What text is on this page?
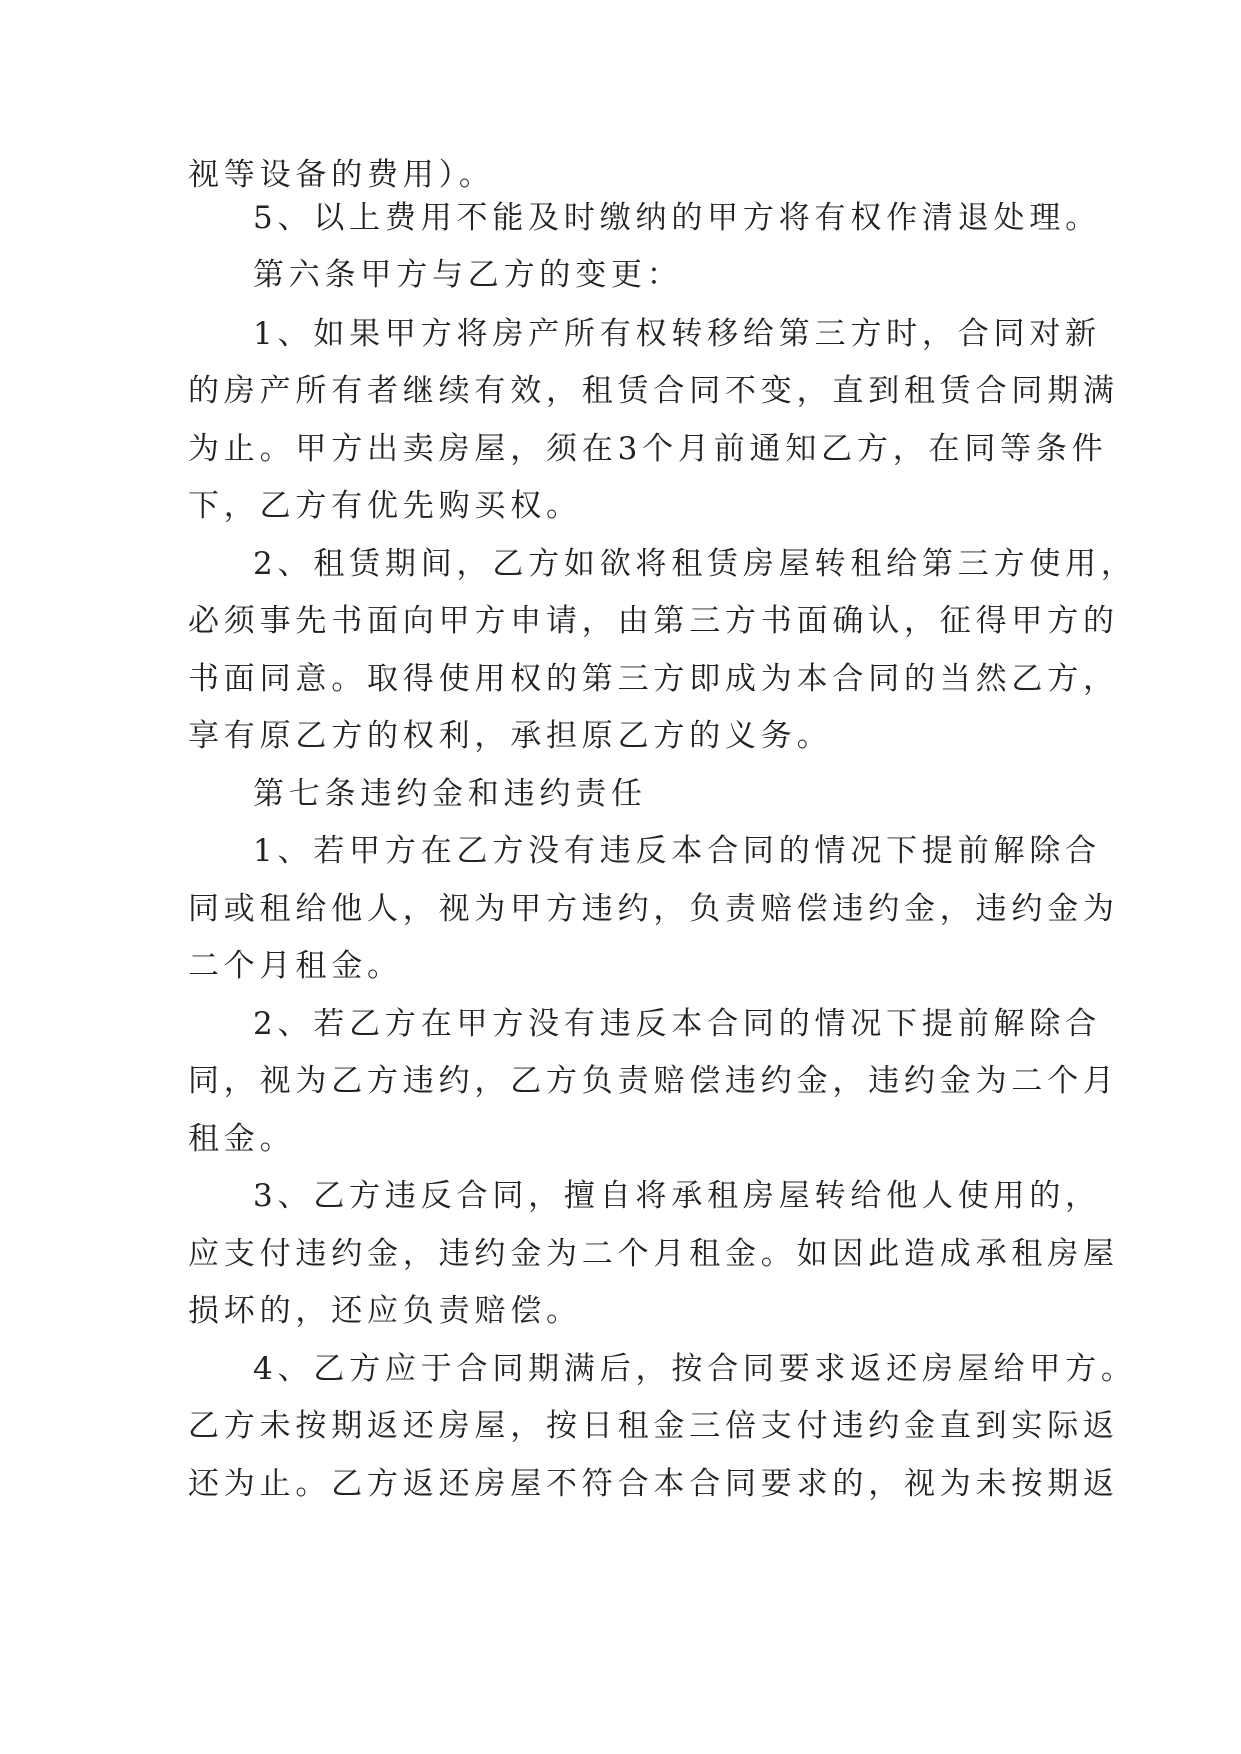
视等设备的费用）。
5、以上费用不能及时缴纳的甲方将有权作清退处理。
第六条甲方与乙方的变更：
1、如果甲方将房产所有权转移给第三方时，合同对新
的房产所有者继续有效，租赁合同不变，直到租赁合同期满
为止。甲方出卖房屋，须在3个月前通知乙方，在同等条件
下，乙方有优先购买权。
2、租赁期间，乙方如欲将租赁房屋转租给第三方使用，
必须事先书面向甲方申请，由第三方书面确认，征得甲方的
书面同意。取得使用权的第三方即成为本合同的当然乙方，
享有原乙方的权利，承担原乙方的义务。
第七条违约金和违约责任
1、若甲方在乙方没有违反本合同的情况下提前解除合
同或租给他人，视为甲方违约，负责赔偿违约金，违约金为
二个月租金。
2、若乙方在甲方没有违反本合同的情况下提前解除合
同，视为乙方违约，乙方负责赔偿违约金，违约金为二个月
租金。
3、乙方违反合同，擅自将承租房屋转给他人使用的，
应支付违约金，违约金为二个月租金。如因此造成承租房屋
损坏的，还应负责赔偿。
4、乙方应于合同期满后，按合同要求返还房屋给甲方。
乙方未按期返还房屋，按日租金三倍支付违约金直到实际返
还为止。乙方返还房屋不符合本合同要求的，视为未按期返
